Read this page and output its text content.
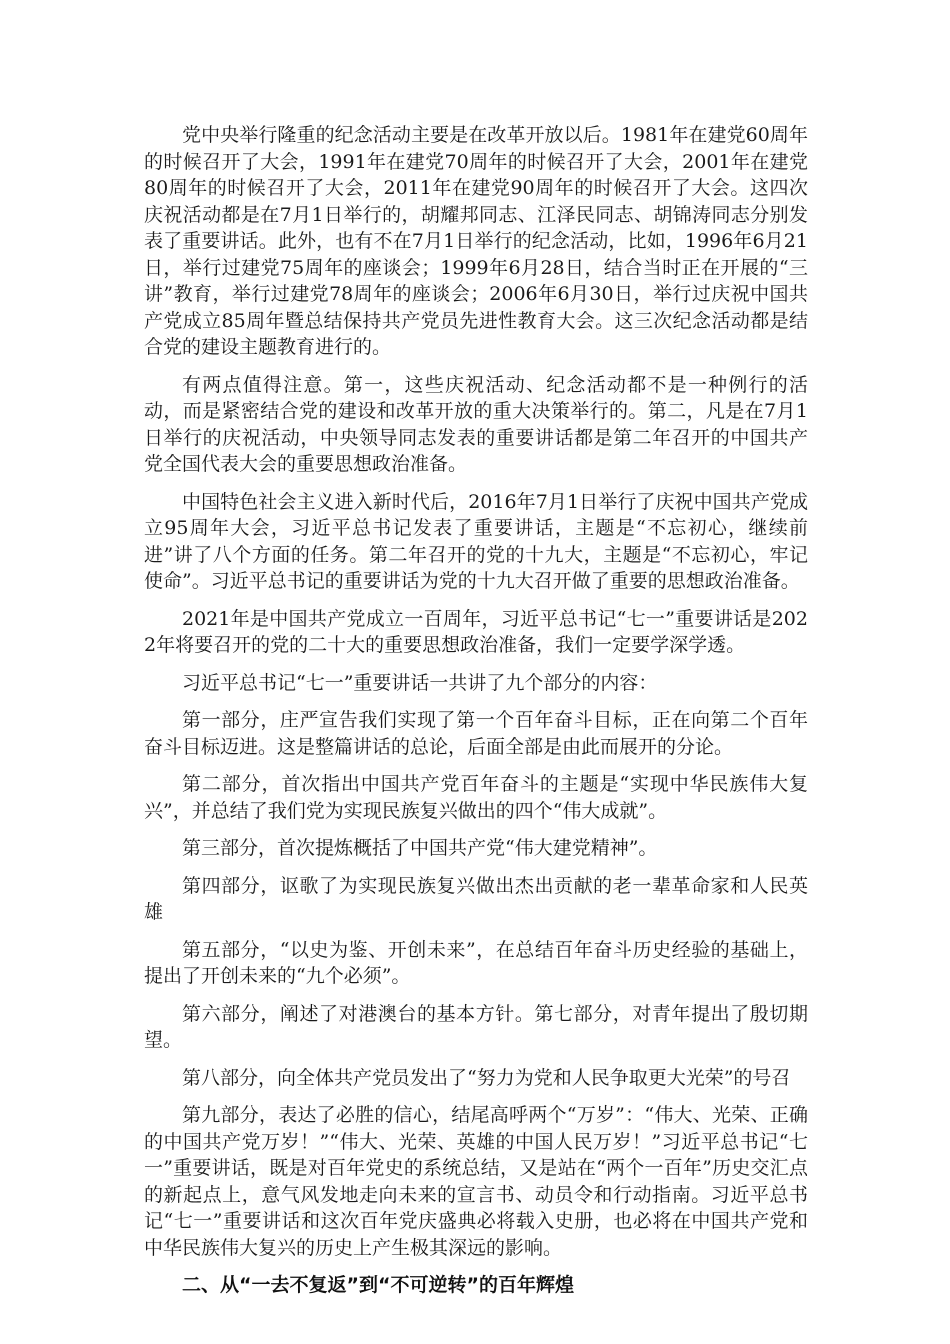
党中央举行隆重的纪念活动主要是在改革开放以后。1981年在建党60周年的时候召开了大会，1991年在建党70周年的时候召开了大会，2001年在建党80周年的时候召开了大会，2011年在建党90周年的时候召开了大会。这四次庆祝活动都是在7月1日举行的，胡耀邦同志、江泽民同志、胡锦涛同志分别发表了重要讲话。此外，也有不在7月1日举行的纪念活动，比如，1996年6月21日，举行过建党75周年的座谈会；1999年6月28日，结合当时正在开展的“三讲”教育，举行过建党78周年的座谈会；2006年6月30日，举行过庆祝中国共产党成立85周年暨总结保持共产党员先进性教育大会。这三次纪念活动都是结合党的建设主题教育进行的。

有两点值得注意。第一，这些庆祝活动、纪念活动都不是一种例行的活动，而是紧密结合党的建设和改革开放的重大决策举行的。第二，凡是在7月1日举行的庆祝活动，中央领导同志发表的重要讲话都是第二年召开的中国共产党全国代表大会的重要思想政治准备。

中国特色社会主义进入新时代后，2016年7月1日举行了庆祝中国共产党成立95周年大会，习近平总书记发表了重要讲话，主题是“不忘初心，继续前进”讲了八个方面的任务。第二年召开的党的十九大，主题是“不忘初心，牢记使命”。习近平总书记的重要讲话为党的十九大召开做了重要的思想政治准备。

2021年是中国共产党成立一百周年，习近平总书记“七一”重要讲话是2022年将要召开的党的二十大的重要思想政治准备，我们一定要学深学透。

习近平总书记“七一”重要讲话一共讲了九个部分的内容：

第一部分，庄严宣告我们实现了第一个百年奋斗目标，正在向第二个百年奋斗目标迈进。这是整篇讲话的总论，后面全部是由此而展开的分论。

第二部分，首次指出中国共产党百年奋斗的主题是“实现中华民族伟大复兴”，并总结了我们党为实现民族复兴做出的四个“伟大成就”。

第三部分，首次提炼概括了中国共产党“伟大建党精神”。

第四部分，讴歌了为实现民族复兴做出杰出贡献的老一辈革命家和人民英雄

第五部分，“以史为鉴、开创未来”，在总结百年奋斗历史经验的基础上，提出了开创未来的“九个必须”。

第六部分，阐述了对港澳台的基本方针。第七部分，对青年提出了殷切期望。

第八部分，向全体共产党员发出了“努力为党和人民争取更大光荣”的号召

第九部分，表达了必胜的信心，结尾高呼两个“万岁”：“伟大、光荣、正确的中国共产党万岁！”“伟大、光荣、英雄的中国人民万岁！”习近平总书记“七一”重要讲话，既是对百年党史的系统总结，又是站在“两个一百年”历史交汇点的新起点上，意气风发地走向未来的宣言书、动员令和行动指南。习近平总书记“七一”重要讲话和这次百年党庆盛典必将载入史册，也必将在中国共产党和中华民族伟大复兴的历史上产生极其深远的影响。

二、从“一去不复返”到“不可逆转”的百年辉煌
